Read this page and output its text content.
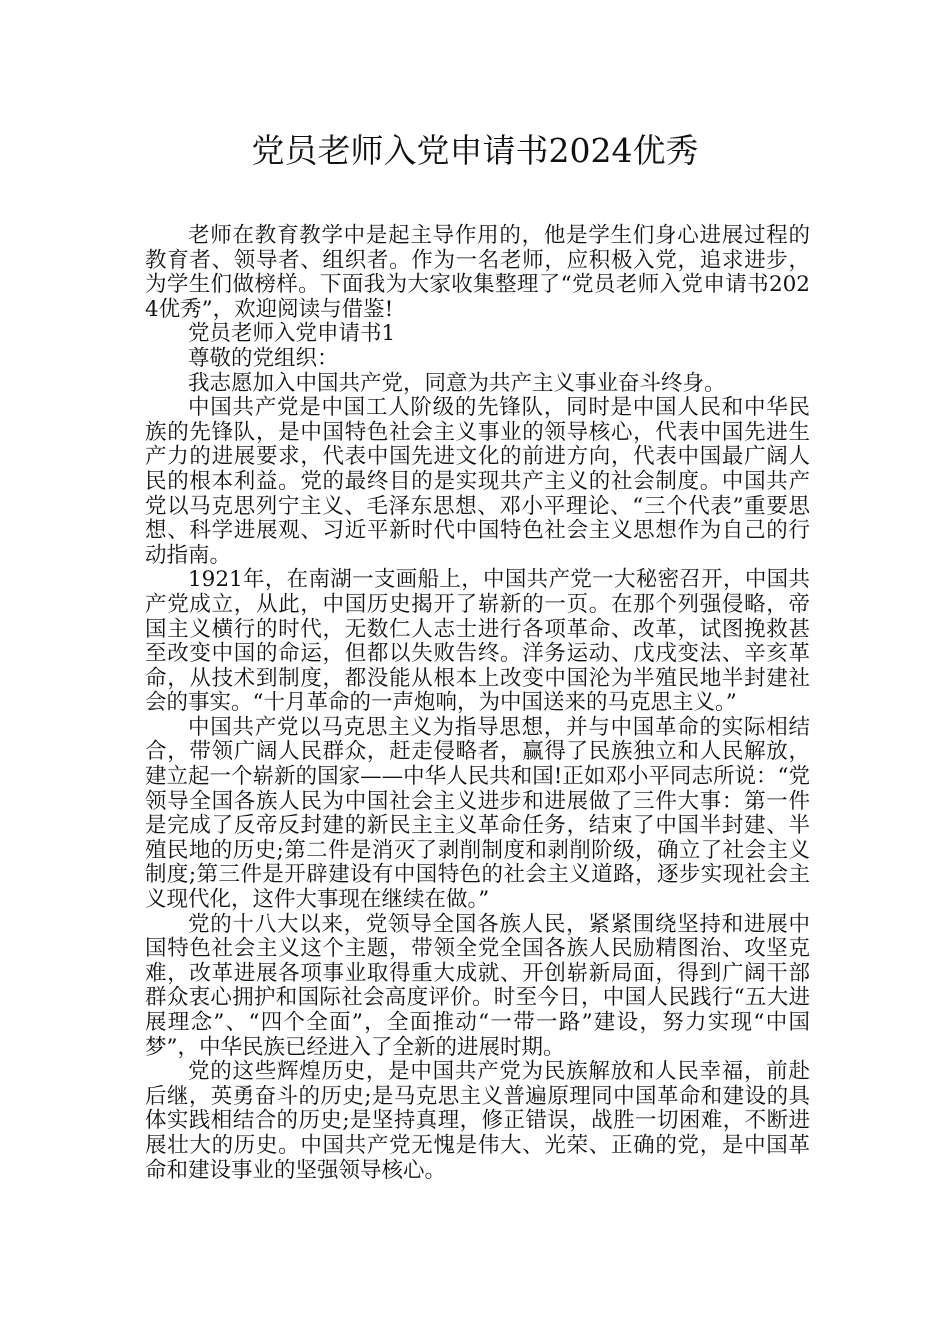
党员老师入党申请书2024优秀

老师在教育教学中是起主导作用的，他是学生们身心进展过程的教育者、领导者、组织者。作为一名老师，应积极入党，追求进步，为学生们做榜样。下面我为大家收集整理了“党员老师入党申请书2024优秀”，欢迎阅读与借鉴!

党员老师入党申请书1

尊敬的党组织：

我志愿加入中国共产党，同意为共产主义事业奋斗终身。

中国共产党是中国工人阶级的先锋队，同时是中国人民和中华民族的先锋队，是中国特色社会主义事业的领导核心，代表中国先进生产力的进展要求，代表中国先进文化的前进方向，代表中国最广阔人民的根本利益。党的最终目的是实现共产主义的社会制度。中国共产党以马克思列宁主义、毛泽东思想、邓小平理论、“三个代表”重要思想、科学进展观、习近平新时代中国特色社会主义思想作为自己的行动指南。

1921年，在南湖一支画船上，中国共产党一大秘密召开，中国共产党成立，从此，中国历史揭开了崭新的一页。在那个列强侵略，帝国主义横行的时代，无数仁人志士进行各项革命、改革，试图挽救甚至改变中国的命运，但都以失败告终。洋务运动、戊戌变法、辛亥革命，从技术到制度，都没能从根本上改变中国沦为半殖民地半封建社会的事实。“十月革命的一声炮响，为中国送来的马克思主义。”

中国共产党以马克思主义为指导思想，并与中国革命的实际相结合，带领广阔人民群众，赶走侵略者，赢得了民族独立和人民解放，建立起一个崭新的国家——中华人民共和国!正如邓小平同志所说：“党领导全国各族人民为中国社会主义进步和进展做了三件大事：第一件是完成了反帝反封建的新民主主义革命任务，结束了中国半封建、半殖民地的历史;第二件是消灭了剥削制度和剥削阶级，确立了社会主义制度;第三件是开辟建设有中国特色的社会主义道路，逐步实现社会主义现代化，这件大事现在继续在做。”

党的十八大以来，党领导全国各族人民，紧紧围绕坚持和进展中国特色社会主义这个主题，带领全党全国各族人民励精图治、攻坚克难，改革进展各项事业取得重大成就、开创崭新局面，得到广阔干部群众衷心拥护和国际社会高度评价。时至今日，中国人民践行“五大进展理念”、“四个全面”，全面推动“一带一路”建设，努力实现“中国梦”，中华民族已经进入了全新的进展时期。

党的这些辉煌历史，是中国共产党为民族解放和人民幸福，前赴后继，英勇奋斗的历史;是马克思主义普遍原理同中国革命和建设的具体实践相结合的历史;是坚持真理，修正错误，战胜一切困难，不断进展壮大的历史。中国共产党无愧是伟大、光荣、正确的党，是中国革命和建设事业的坚强领导核心。
